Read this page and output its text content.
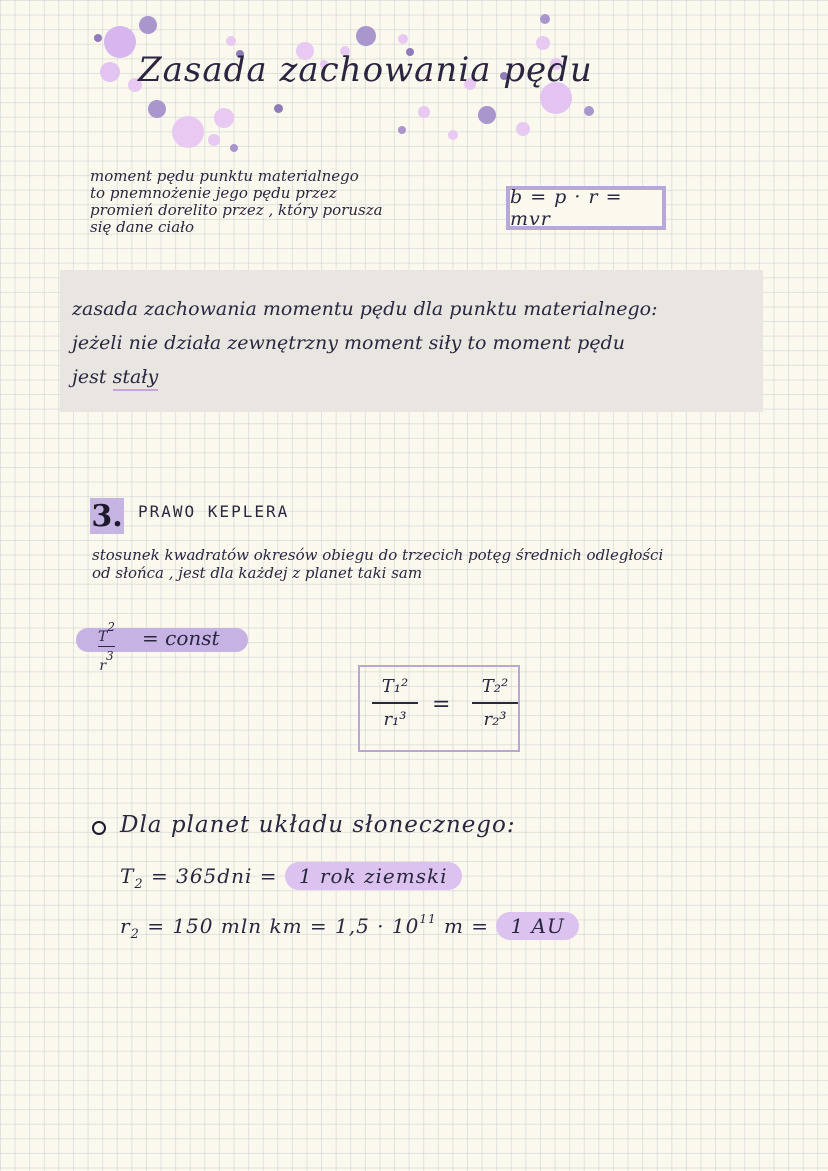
Zasada zachowania pędu
moment pędu punktu materialnego
to pnemnożenie jego pędu przez
promień dorelito przez , który porusza
się dane ciało
b = p · r = mvr
zasada zachowania momentu pędu dla punktu materialnego:
jeżeli nie działa zewnętrzny moment siły to moment pędu
jest stały
3. PRAWO KEPLERA
stosunek kwadratów okresów obiegu do trzecich potęg średnich odległości
od słońca , jest dla każdej z planet taki sam
T2
r3
= const
T₁²
r₁³
=
T₂²
r₂³
Dla planet układu słonecznego:
$T_2 = 365dni = 1$ rok ziemski
$r_2 = 150$ mln km = $1,5 \cdot 10^{11}$ m = 1 AU
